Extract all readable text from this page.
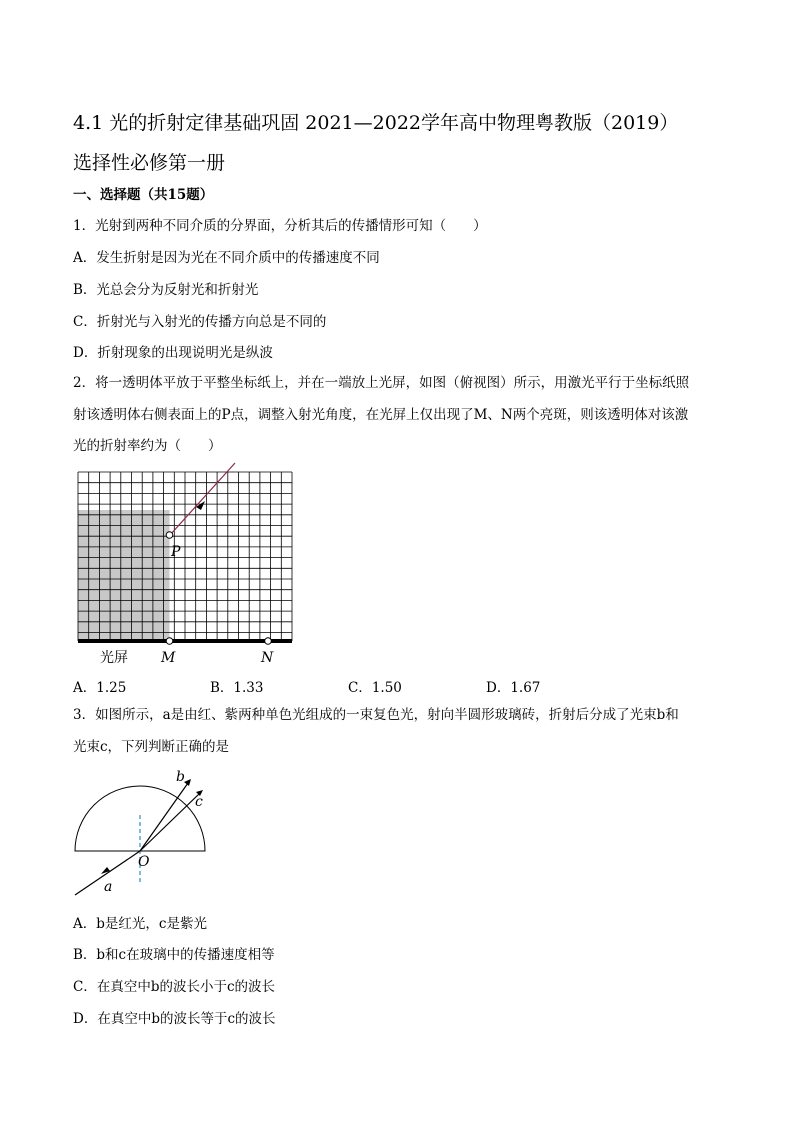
4.1 光的折射定律基础巩固 2021—2022学年高中物理粤教版（2019）
选择性必修第一册
一、选择题（共15题）
1．光射到两种不同介质的分界面，分析其后的传播情形可知（　　）
A．发生折射是因为光在不同介质中的传播速度不同
B．光总会分为反射光和折射光
C．折射光与入射光的传播方向总是不同的
D．折射现象的出现说明光是纵波
2．将一透明体平放于平整坐标纸上，并在一端放上光屏，如图（俯视图）所示，用激光平行于坐标纸照
射该透明体右侧表面上的P点，调整入射光角度，在光屏上仅出现了M、N两个亮斑，则该透明体对该激
光的折射率约为（　　）
P
光屏 M	N
A．1.25	B．1.33	C．1.50	D．1.67
3．如图所示，a是由红、紫两种单色光组成的一束复色光，射向半圆形玻璃砖，折射后分成了光束b和
光束c，下列判断正确的是
O
a
b
c
A．b是红光，c是紫光
B．b和c在玻璃中的传播速度相等
C．在真空中b的波长小于c的波长
D．在真空中b的波长等于c的波长
